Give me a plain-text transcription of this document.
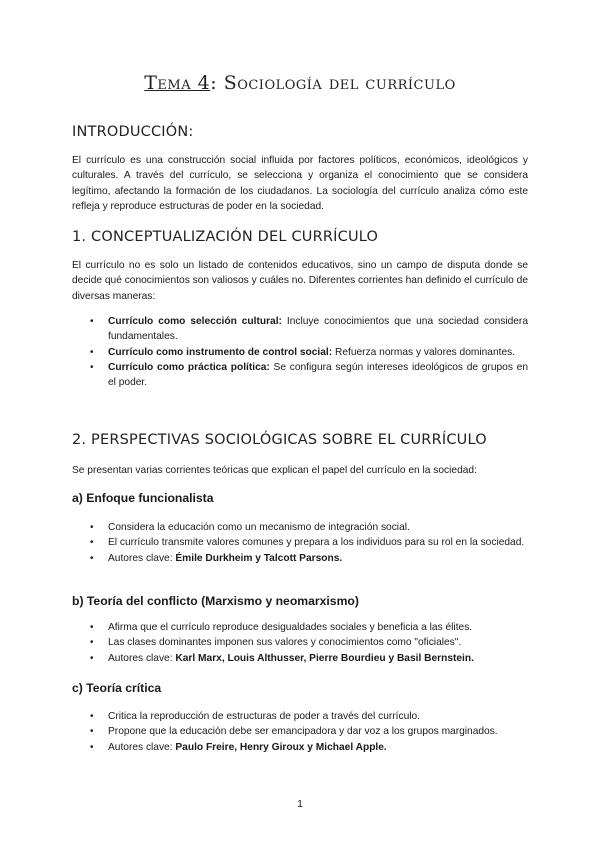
Tema 4: Sociología del currículo
INTRODUCCIÓN:

El currículo es una construcción social influida por factores políticos, económicos, ideológicos y culturales. A través del currículo, se selecciona y organiza el conocimiento que se considera legítimo, afectando la formación de los ciudadanos. La sociología del currículo analiza cómo este refleja y reproduce estructuras de poder en la sociedad.

1. CONCEPTUALIZACIÓN DEL CURRÍCULO

El currículo no es solo un listado de contenidos educativos, sino un campo de disputa donde se decide qué conocimientos son valiosos y cuáles no. Diferentes corrientes han definido el currículo de diversas maneras:

• Currículo como selección cultural: Incluye conocimientos que una sociedad considera fundamentales.
• Currículo como instrumento de control social: Refuerza normas y valores dominantes.
• Currículo como práctica política: Se configura según intereses ideológicos de grupos en el poder.
2. PERSPECTIVAS SOCIOLÓGICAS SOBRE EL CURRÍCULO

Se presentan varias corrientes teóricas que explican el papel del currículo en la sociedad:

a) Enfoque funcionalista
• Considera la educación como un mecanismo de integración social.
• El currículo transmite valores comunes y prepara a los individuos para su rol en la sociedad.
• Autores clave: Émile Durkheim y Talcott Parsons.
b) Teoría del conflicto (Marxismo y neomarxismo)
• Afirma que el currículo reproduce desigualdades sociales y beneficia a las élites.
• Las clases dominantes imponen sus valores y conocimientos como "oficiales".
• Autores clave: Karl Marx, Louis Althusser, Pierre Bourdieu y Basil Bernstein.
c) Teoría crítica
• Critica la reproducción de estructuras de poder a través del currículo.
• Propone que la educación debe ser emancipadora y dar voz a los grupos marginados.
• Autores clave: Paulo Freire, Henry Giroux y Michael Apple.
1
